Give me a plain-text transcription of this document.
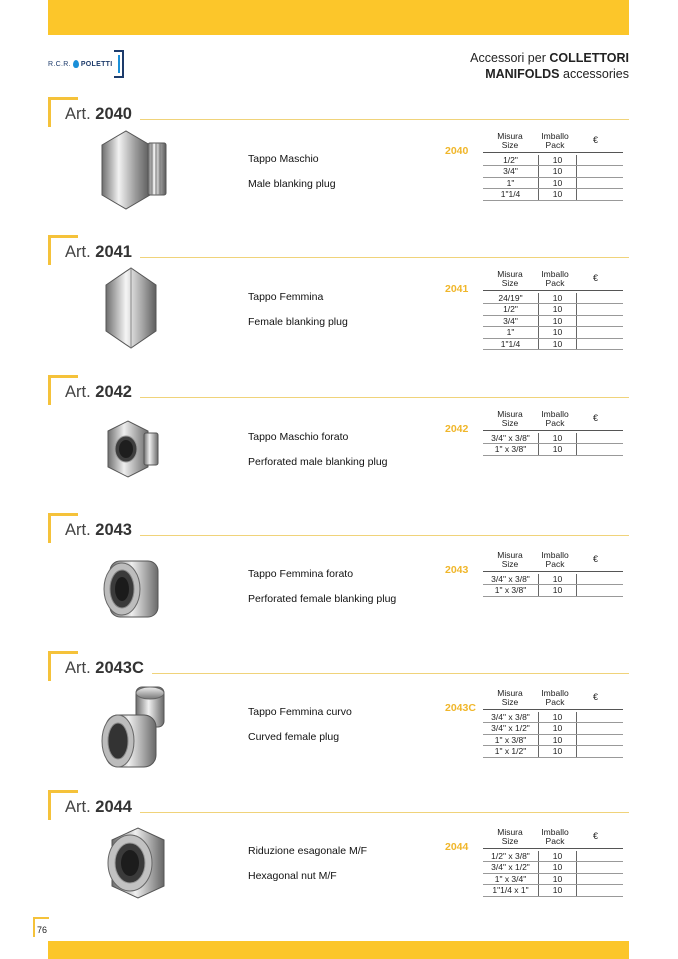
R.C.R. POLETTI	Accessori per COLLETTORI
MANIFOLDS accessories
Art. 2040
Tappo Maschio
Male blanking plug
2040
Misura
Size
Imballo
Pack	€
1/2"	10
3/4"	10
1"	10
1"1/4	10
Art. 2041
Tappo Femmina
Female blanking plug
2041
Misura
Size
Imballo
Pack	€
24/19"	10
1/2"	10
3/4"	10
1"	10
1"1/4	10
Art. 2042
Tappo Maschio forato
Perforated male blanking plug
2042
Misura
Size
Imballo
Pack	€
3/4" x 3/8"	10
1" x 3/8"	10
Art. 2043
Tappo Femmina forato
Perforated female blanking plug
2043
Misura
Size
Imballo
Pack	€
3/4" x 3/8"	10
1" x 3/8"	10
Art. 2043C
Tappo Femmina curvo
Curved female plug
2043C
Misura
Size
Imballo
Pack	€
3/4" x 3/8"	10
3/4" x 1/2"	10
1" x 3/8"	10
1" x 1/2"	10
Art. 2044
Riduzione esagonale M/F
Hexagonal nut M/F
2044
Misura
Size
Imballo
Pack	€
1/2" x 3/8"	10
3/4" x 1/2"	10
1" x 3/4"	10
1"1/4 x 1"	10
76
